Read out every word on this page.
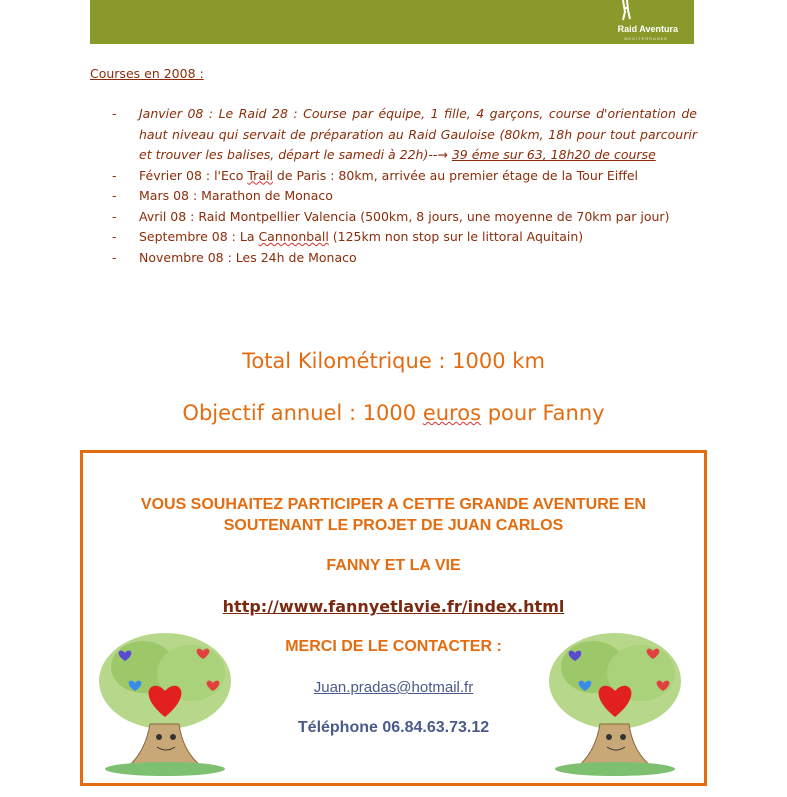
Raid Aventura
MEDITERRANEE
Courses en 2008 :
- Janvier 08 : Le Raid 28 : Course par équipe, 1 fille, 4 garçons, course d'orientation de haut niveau qui servait de préparation au Raid Gauloise (80km, 18h pour tout parcourir et trouver les balises, départ le samedi à 22h)--→ 39 éme sur 63, 18h20 de course
- Février 08 : l'Eco Trail de Paris : 80km, arrivée au premier étage de la Tour Eiffel
- Mars 08 : Marathon de Monaco
- Avril 08 : Raid Montpellier Valencia (500km, 8 jours, une moyenne de 70km par jour)
- Septembre 08 : La Cannonball (125km non stop sur le littoral Aquitain)
- Novembre 08 : Les 24h de Monaco
Total Kilométrique : 1000 km
Objectif annuel : 1000 euros pour Fanny
VOUS SOUHAITEZ PARTICIPER A CETTE GRANDE AVENTURE EN
SOUTENANT LE PROJET DE JUAN CARLOS
FANNY ET LA VIE
http://www.fannyetlavie.fr/index.html
MERCI DE LE CONTACTER :
Juan.pradas@hotmail.fr
Téléphone 06.84.63.73.12
